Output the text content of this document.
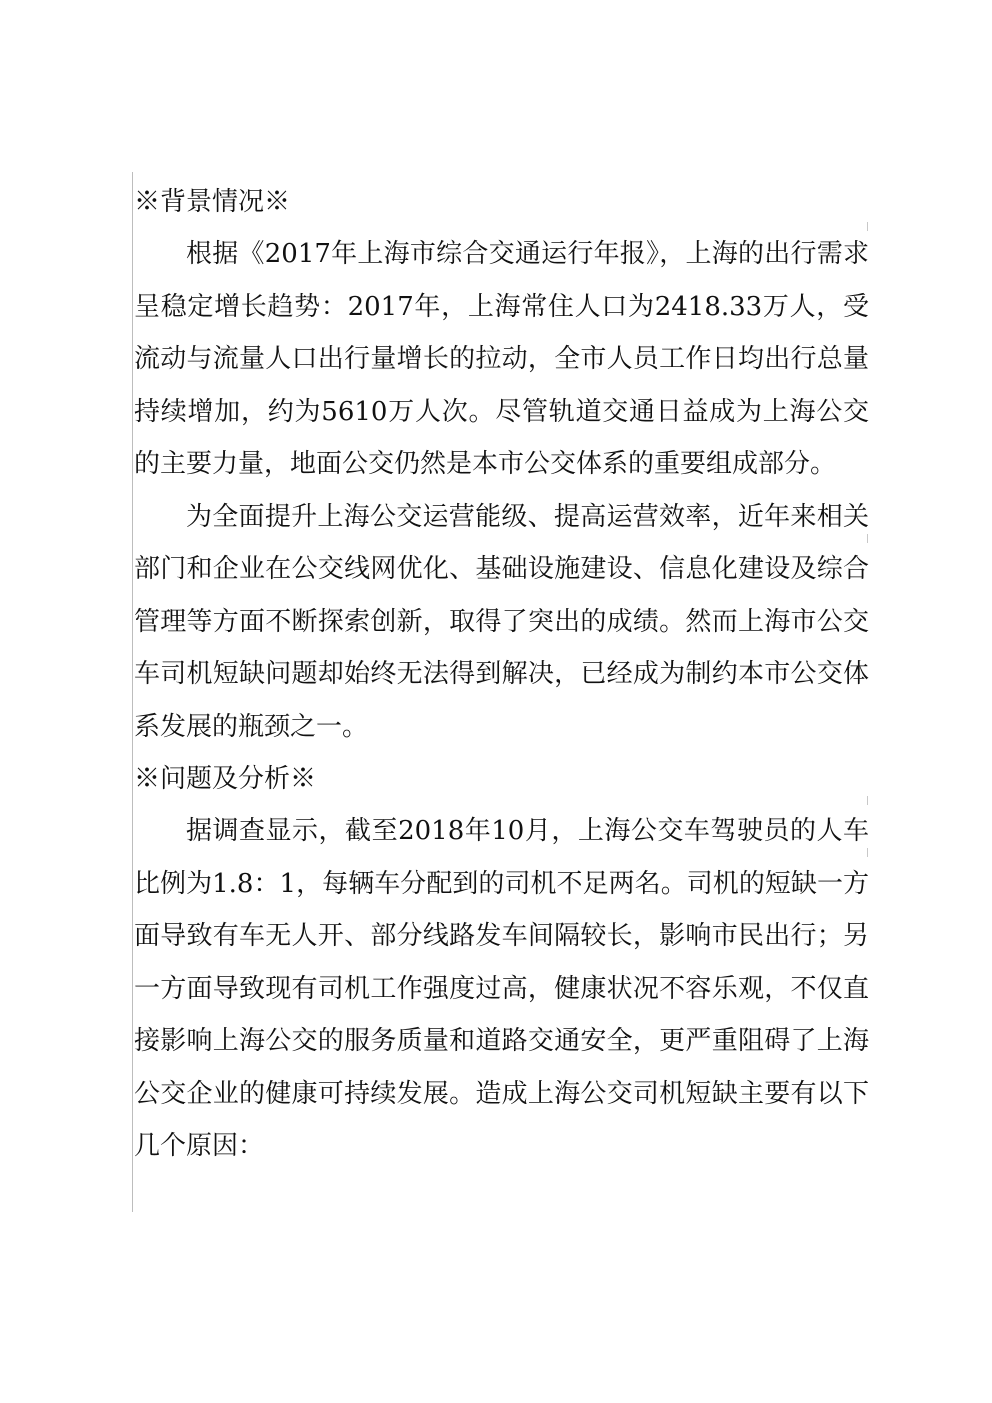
※背景情况※

根据《2017年上海市综合交通运行年报》，上海的出行需求呈稳定增长趋势：2017年，上海常住人口为2418.33万人，受流动与流量人口出行量增长的拉动，全市人员工作日均出行总量持续增加，约为5610万人次。尽管轨道交通日益成为上海公交的主要力量，地面公交仍然是本市公交体系的重要组成部分。

为全面提升上海公交运营能级、提高运营效率，近年来相关部门和企业在公交线网优化、基础设施建设、信息化建设及综合管理等方面不断探索创新，取得了突出的成绩。然而上海市公交车司机短缺问题却始终无法得到解决，已经成为制约本市公交体系发展的瓶颈之一。

※问题及分析※

据调查显示，截至2018年10月，上海公交车驾驶员的人车比例为1.8：1，每辆车分配到的司机不足两名。司机的短缺一方面导致有车无人开、部分线路发车间隔较长，影响市民出行；另一方面导致现有司机工作强度过高，健康状况不容乐观，不仅直接影响上海公交的服务质量和道路交通安全，更严重阻碍了上海公交企业的健康可持续发展。造成上海公交司机短缺主要有以下几个原因：
